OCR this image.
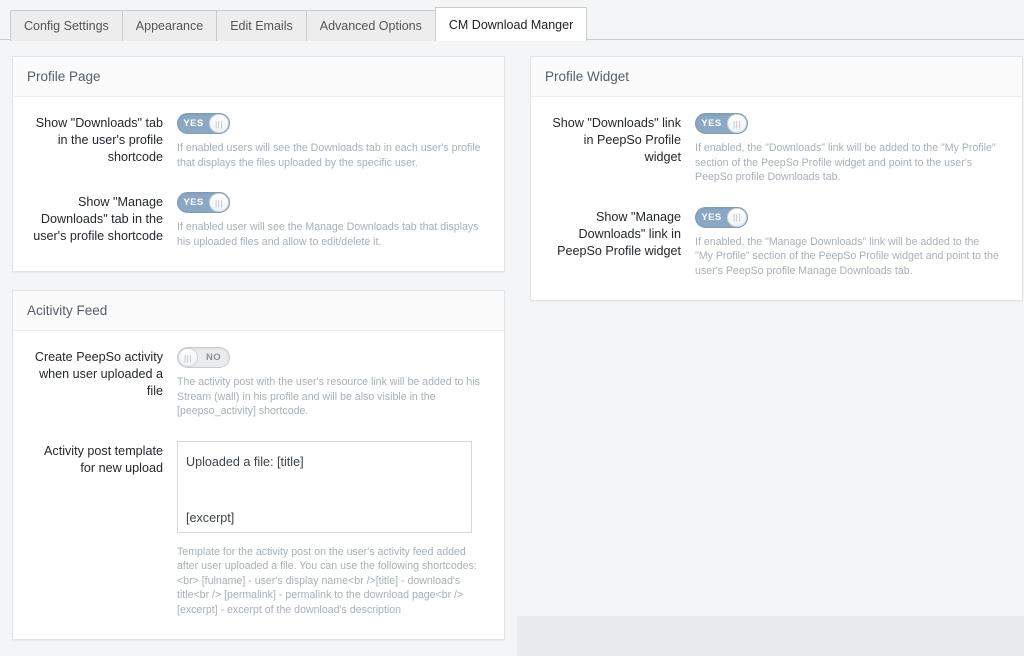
Config Settings	Appearance	Edit Emails	Advanced Options	CM Download Manger
Profile Page
Show "Downloads" tab in the user's profile shortcode
YES	|||
If enabled users will see the Downloads tab in each user's profile that displays the files uploaded by the specific user.
Show "Manage Downloads" tab in the user's profile shortcode
YES	|||
If enabled user will see the Manage Downloads tab that displays his uploaded files and allow to edit/delete it.
Acitivity Feed
Create PeepSo activity when user uploaded a file
NO
|||
The activity post with the user's resource link will be added to his Stream (wall) in his profile and will be also visible in the [peepso_activity] shortcode.
Activity post template for new upload
Uploaded a file: [title] [excerpt] You can download it here: [permalink]
Template for the activity post on the user's activity feed added after user uploaded a file. You can use the following shortcodes:<br> [fulname] - user's display name<br />[title] - download's title<br /> [permalink] - permalink to the download page<br />[excerpt] - excerpt of the download's description
Profile Widget
Show "Downloads" link in PeepSo Profile widget
YES	|||
If enabled, the "Downloads" link will be added to the "My Profile" section of the PeepSo Profile widget and point to the user's PeepSo profile Downloads tab.
Show "Manage Downloads" link in PeepSo Profile widget
YES	|||
If enabled, the "Manage Downloads" link will be added to the "My Profile" section of the PeepSo Profile widget and point to the user's PeepSo profile Manage Downloads tab.
